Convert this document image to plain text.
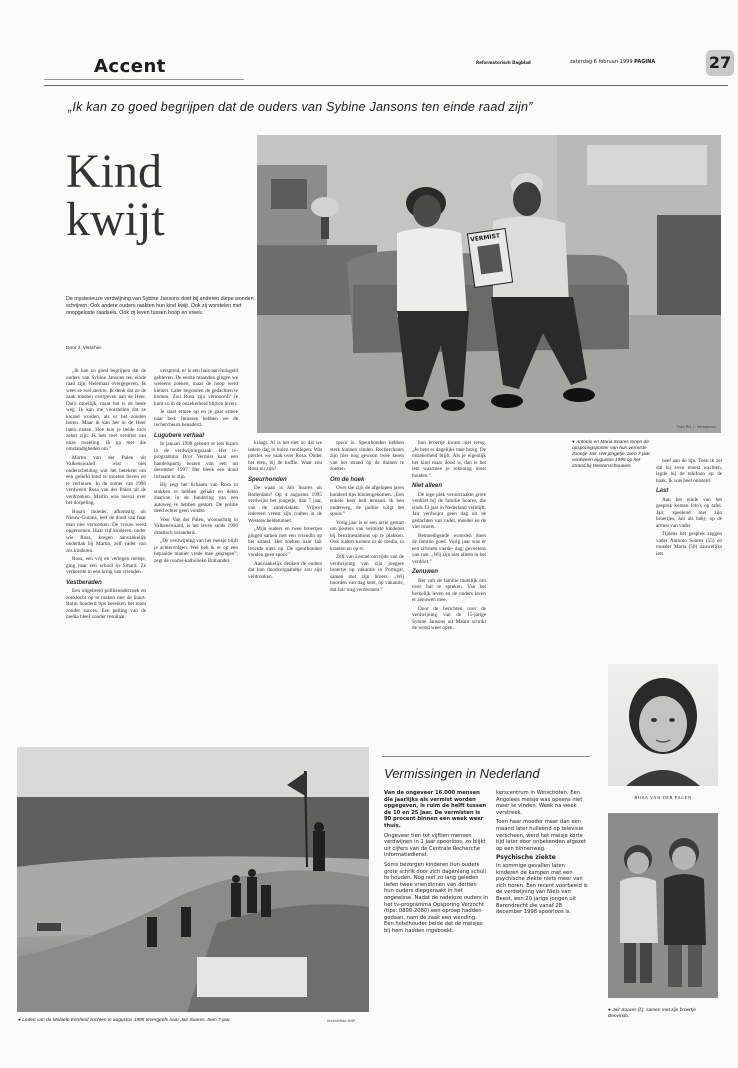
Accent	Reformatorisch Dagblad	zaterdag 6 februari 1999 PAGINA	27
„Ik kan zo goed begrijpen dat de ouders van Sybine Jansons ten einde raad zijn”
Kind
kwijt
De mysterieuze verdwijning van Sybine Jansons doet bij anderen diepe wonden schrijnen. Ook andere ouders raakten hun kind kwijt. Ook zij worstelen met onopgeloste raadsels. Ook zij leven tussen hoop en vrees.
Door J. Visscher
VERMIST
Foto RD, J. Verhoeven

„Ik kan zo goed begrijpen dat de ouders van Sybine Jansons ten einde raad zijn. Helemaal overgegeven. Ik weet ze wel sterkte. Ik denk dat ze de zaak moeten overgeven aan de Heer. Dat's moeilijk, maar het is de beste weg. Ik kan me voorstellen dat ze kwaad worden, als er het zouden horen. Maar ik kan het in de Heer laten rusten. Hoe kun je beide toch zeker zijn: Ik heb veel verdriet van onze tweeling. Ik ga met die omstandigheden om.”

Martin van der Palen uit Valkenswaard wist niet onderscheiding wat het betekent om een geliefd kind te moeten lieven en te verliezen. In de zomer van 1996 verdween Rosa van der Palen uit de verdronken. Martin was toeval over het dorpeling.

Rosa's moeder, afkomstig uit Nieuw-Guinea, leef de dood van haar man niet verwerken. De vrouw werd opgenomen. Haar vijf kinderen, onder wie Rosa, kregen aanvankelijk onderdak bij Martin, zelf vader van zes kinderen.

Rosa, een vrij en verlegen meisje, ging naar een school in Sittard. Ze verkeerde in een kring van vrienden.

Vastberaden

Een uitgebreid politieonderzoek en zoektocht op te maken met de buurt. Ruim honderd tips bereiken het team zonder succes. Een peiling van de media bleef zonder resultaat.

verspreid, er is een huis-aan-huisgeld gebleven. De eerste maanden gingen we weleens zoeken, maar de hoop werd kleiner. Later begonnen de gedachten te komen. Zou Rosa zijn vermoord? Je kunt zo in de onzekerheid blijven leven.

Je staat ermee op en je gaat ermee naar bed. Intussen hebben we de rechercheurs benaderd.

Lugubere verhaal

In januari 1998 gebeurt er iets bizars in de verdwijningszaak. Het tv-programma Dror Vermist kaat een handelspartij bezien van een uit december 1997. Het bleek een dood lichaam te zijn.

Hij zegt het lichaam van Rosa in stukken te hebben gehakt en delen daarvan in de fundering van een autoweg te hebben gestort. De politie deed echter geen vondst.

Voor Van der Palen, woonachtig in Valkenswaard, is het leven sinds 1996 drastisch veranderd.

„De verdwijning van het meisje blijft je achtervolgen. Wel heb ik er op een bepaalde manier vrede mee gekregen”, zegt de rooms-katholieke Brabander.

kraagt. Al is het niet zo dat we iedere dag in buien rondlopen. Wat precies we vaak over Rosa. Onder het eten, bij de koffie. Waar zou Rosa nu zijn?

Speurhonden

De waan is Jair Soares uit Rotterdam? Op 4 augustus 1995 verdwijnt het jongetje, dan 7 jaar, van de zandvlakten. Vrijwel iedereen vreest zijn codten in de Westerscheldetunnel.

„Mijn ouders en twee broertjes gingen samen met een vriendin op het strand. Het zoeken naar Jair leverde niets op. De speurhonden vonden geen spoor.”

Aanvankelijk denken de ouders dat hun doodvergaandtje zou zijn verdronken.

spoor is. Speurhonden hebben sterk kunnen vinden. Rechercheurs zijn hier nog gewoon twee keren van het strand op de duinen te zoeken.

Om de hoek

Over tae zijn de afgelopen jaren hunderd tips binnengekomen. „Een enkele keer belt iemand. Ik ben onderweg, de politie volgt het spoor.”

Vorig jaar is er een actie gestart om posters van vermiste kinderen bij benzinestations op te plakken. Ook ouders komen in de media, in kranten en op tv.

Zelf van Leonel om tijde van de verdwijning van zijn jongere broertje op vakantie in Portugal, samen met zijn broers. „Wij hoorden van dag later, op vakantie, dat Jair wag verdwenen.”

hun broertje kwam niet terug. „Je bent er dagelijks mee bezig. De onzekerheid blijft. Als je eigenlijk het kind maar dood is, dan is het iets waarmee je rekening moet houden.”

Niet alleen

De lege plek veroorzaakte grote verdriet bij de familie Soares, die sinds 13 jaar in Nederland verblijft. Jair verdwijnt geen dag uit de gedachten van vader, moeder en de vier broers.

Bemoedigende woorden doen de familie goed. Vorig jaar was er een zilveren vierde- dag; gevoelens van rust. „Wij zijn niet alleen in het verdriet.”

Zenuwen

Het valt de familie moeilijk om over Jair te spreken. Van het kerkelijk leven en de ouders leven er zenuwen mee.

Door de berichten over de verdwijning van de 15-jarige Sybine Jansons uit Maarn schrikt de wond weer open.

● Antonio en Maria Soares tonen de opsporingsposter van hun vermiste zoontje Jair. Het jongetje, toen 7 jaar, verdween augustus 1995 op het strand bij Westenschouwen.

neef aan de lijn. Toen ik zei dat hij even moest wachten, legde hij de telefoon op de haak. Ik was heel ontsteld.

Last

Aan het einde van het gesprek komen foto's op tafel. Jair, speelend met zijn broertjes. Jair als baby, op de armen van vader.

Tijdens het gesprek zeggen vader Antonio Soares (55) en moeder Maria (50) nauwelijks iets.

● Leden van de Mobiele Eenheid zochten in augustus 1995 tevergeefs naar Jair Soares, toen 7 jaar.	Archieffoto ANP
Vermissingen in Nederland

Van de ongeveer 16.000 mensen die jaarlijks als vermist worden opgegeven, is ruim de helft tussen de 10 en 25 jaar. De vermisten is 90 procent binnen een week weer thuis.

Ongeveer tien tot vijftien mensen verdwijnen in 1 jaar spoorloos, zo blijkt uit cijfers van de Centrale Recherche Informatiedienst.

Soms bezorgen kinderen hun ouders grote schrik door zich dagenlang schuil te houden. Nog niet zo lang geleden liefen twee vriendinnen van dertien hun ouders diepgeraakt in het ongewisse. Nadat de radeloze ouders in het tv-programma Opsporing Verzocht (tips: 0800-2080) een oproep hadden gedaan, nam de zaak een wending. Een hotelhouder belde dat de meisjes bij hem hadden ingeboekt.

kerscentrum in Winschoten. Een Angolees meisje was opeens niet meer te vinden. Week na week verstreek.

Toen haar moeder meer dan een maand later hulleend op televisie verscheen, werd het meisje korte tijd later door onbekenden afgezet op een binnenweg.

Psychische ziekte

In sommige gevallen laten kinderen de kampen met een psychische ziekte niets meer van zich horen. Een recent voorbeeld is de verdwijning van Niels van Beest, een 20-jarige jongen uit Barendrecht die vanaf 28 december 1998 spoorloos is.

ROSA VAN DER PALEN
● Jair Soares (l.), samen met zijn broertje Benvindo.
